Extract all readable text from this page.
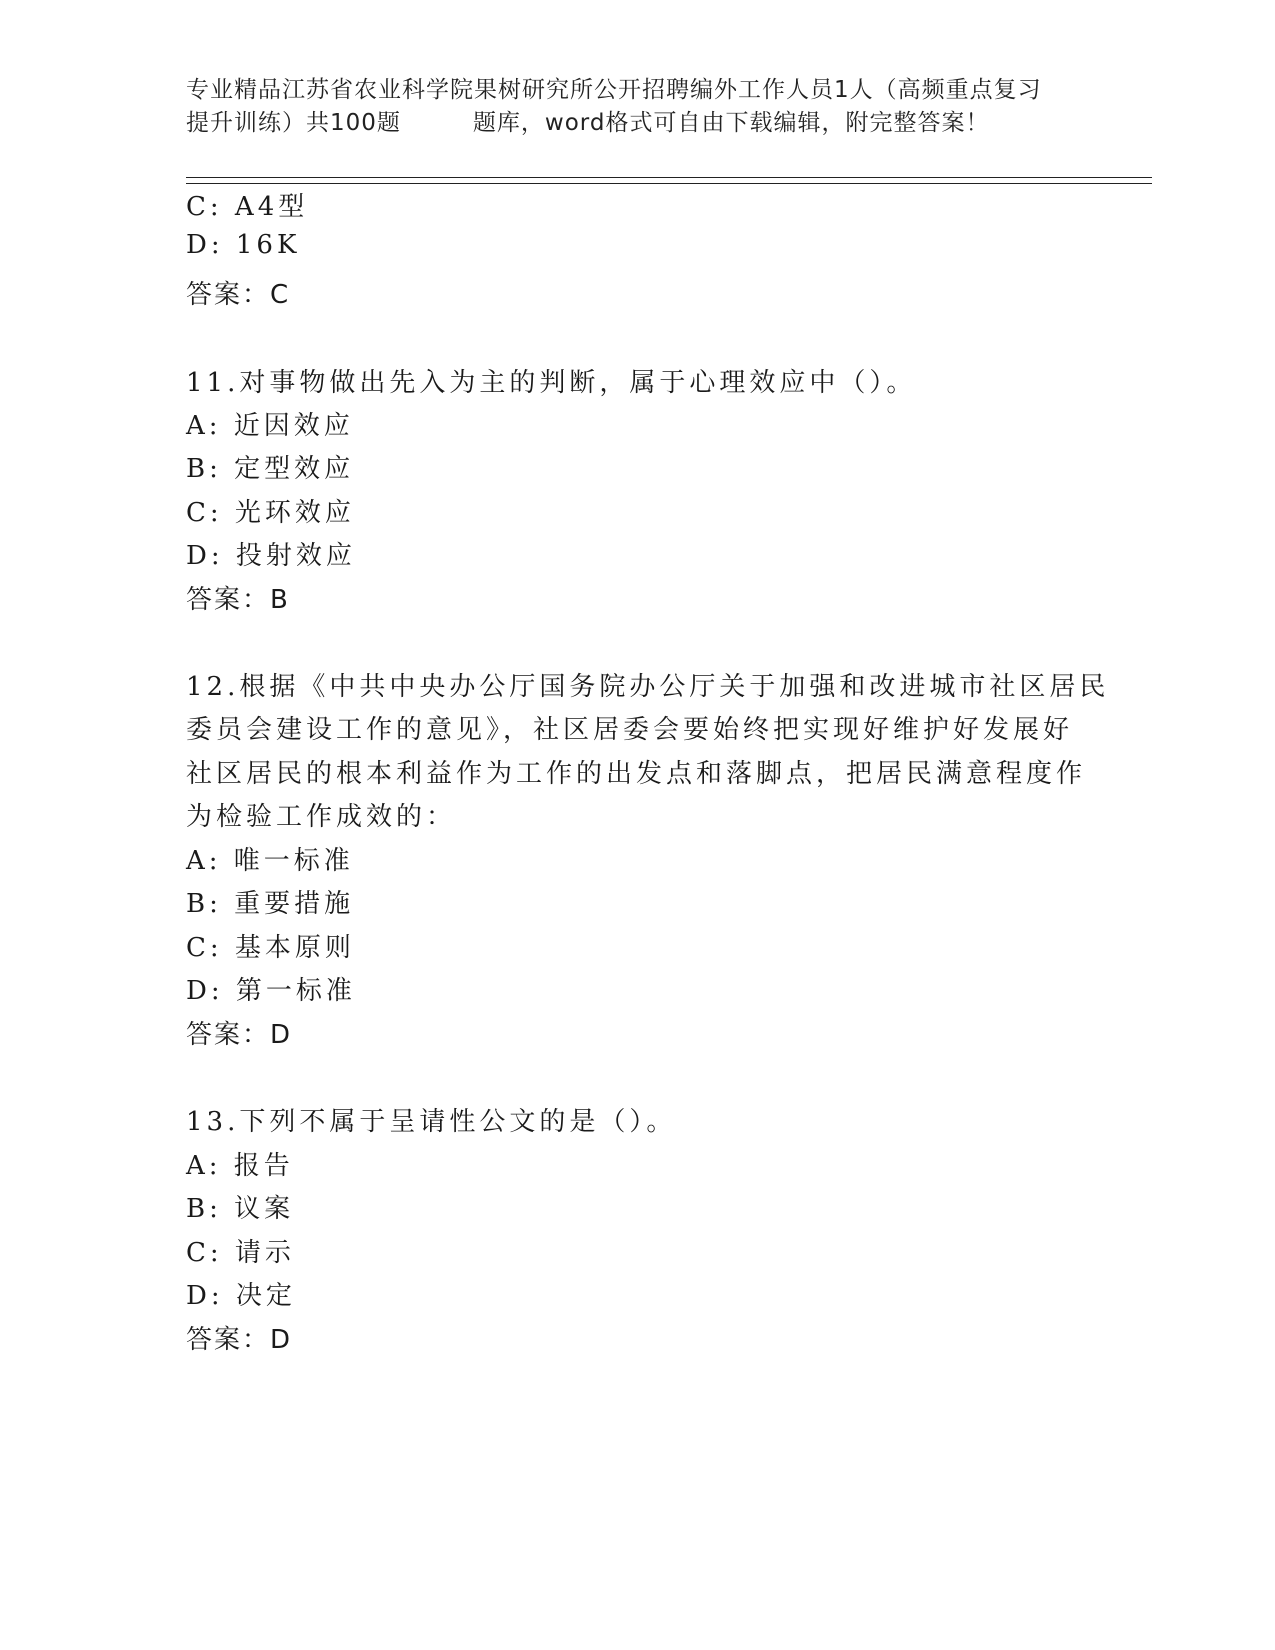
专业精品江苏省农业科学院果树研究所公开招聘编外工作人员1人（高频重点复习
提升训练）共100题	题库，word格式可自由下载编辑，附完整答案！
C: A4型
D: 16K
答案：C
11.对事物做出先入为主的判断，属于心理效应中（）。
A: 近因效应
B: 定型效应
C: 光环效应
D: 投射效应
答案：B
12.根据《中共中央办公厅国务院办公厅关于加强和改进城市社区居民
委员会建设工作的意见》，社区居委会要始终把实现好维护好发展好
社区居民的根本利益作为工作的出发点和落脚点，把居民满意程度作
为检验工作成效的：
A: 唯一标准
B: 重要措施
C: 基本原则
D: 第一标准
答案：D
13.下列不属于呈请性公文的是（）。
A: 报告
B: 议案
C: 请示
D: 决定
答案：D
